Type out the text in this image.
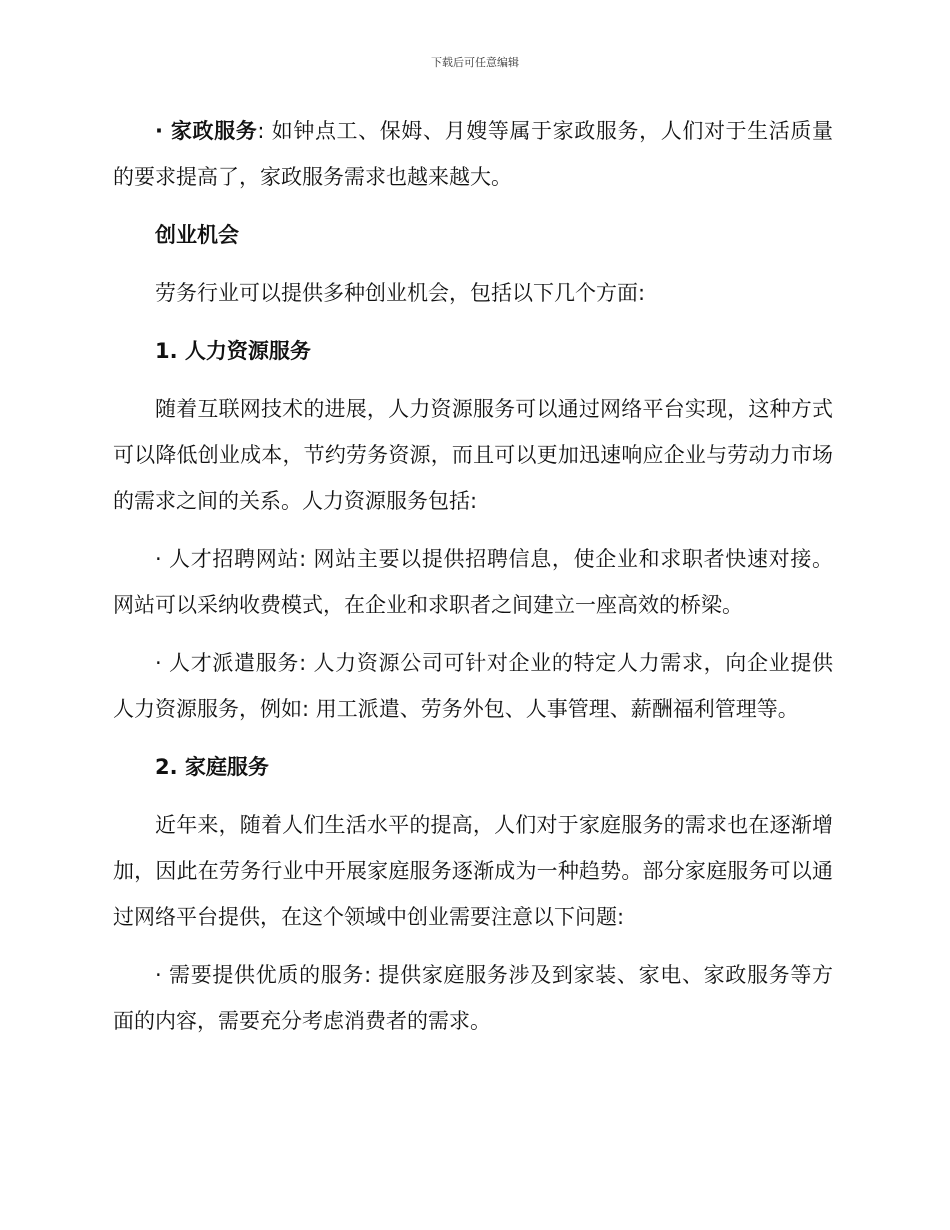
下载后可任意编辑

· 家政服务: 如钟点工、保姆、月嫂等属于家政服务，人们对于生活质量的要求提高了，家政服务需求也越来越大。

创业机会

劳务行业可以提供多种创业机会，包括以下几个方面:

1. 人力资源服务

随着互联网技术的进展，人力资源服务可以通过网络平台实现，这种方式可以降低创业成本，节约劳务资源，而且可以更加迅速响应企业与劳动力市场的需求之间的关系。人力资源服务包括:

· 人才招聘网站: 网站主要以提供招聘信息，使企业和求职者快速对接。网站可以采纳收费模式，在企业和求职者之间建立一座高效的桥梁。

· 人才派遣服务: 人力资源公司可针对企业的特定人力需求，向企业提供人力资源服务，例如: 用工派遣、劳务外包、人事管理、薪酬福利管理等。

2. 家庭服务

近年来，随着人们生活水平的提高，人们对于家庭服务的需求也在逐渐增加，因此在劳务行业中开展家庭服务逐渐成为一种趋势。部分家庭服务可以通过网络平台提供，在这个领域中创业需要注意以下问题:

· 需要提供优质的服务: 提供家庭服务涉及到家装、家电、家政服务等方面的内容，需要充分考虑消费者的需求。
